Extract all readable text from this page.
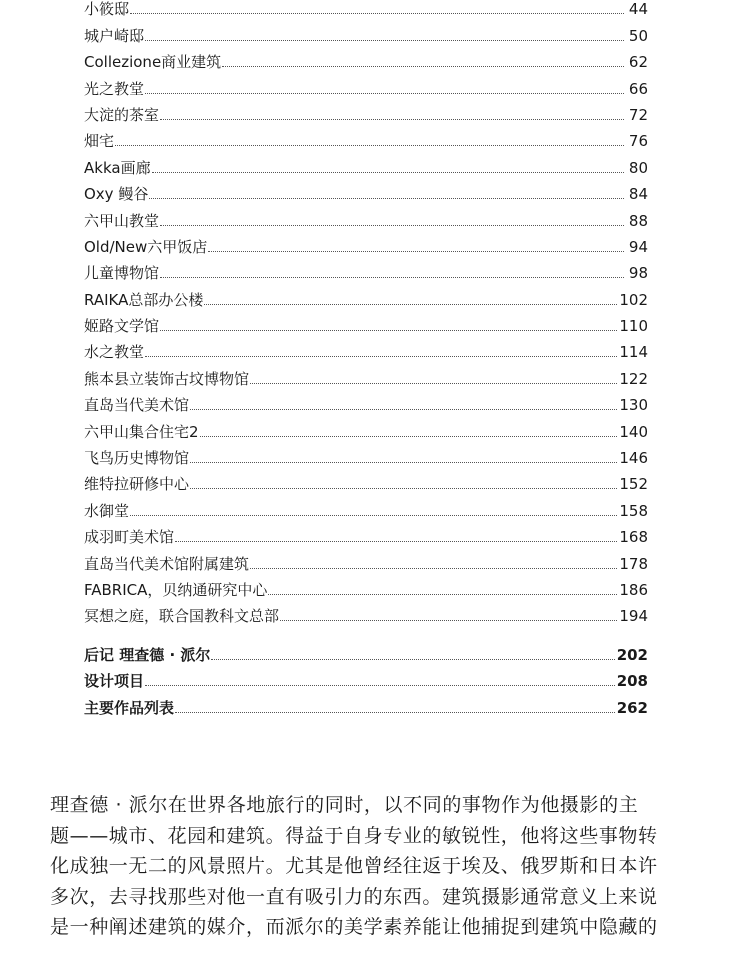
小筱邸	44
城户崎邸	50
Collezione商业建筑	62
光之教堂	66
大淀的茶室	72
畑宅	76
Akka画廊	80
Oxy 鳗谷	84
六甲山教堂	88
Old/New六甲饭店	94
儿童博物馆	98
RAIKA总部办公楼	102
姬路文学馆	110
水之教堂	114
熊本县立装饰古坟博物馆	122
直岛当代美术馆	130
六甲山集合住宅2	140
飞鸟历史博物馆	146
维特拉研修中心	152
水御堂	158
成羽町美术馆	168
直岛当代美术馆附属建筑	178
FABRICA，贝纳通研究中心	186
冥想之庭，联合国教科文总部	194
后记 理查德 · 派尔	202
设计项目	208
主要作品列表	262
理查德 · 派尔在世界各地旅行的同时，以不同的事物作为他摄影的主
题——城市、花园和建筑。得益于自身专业的敏锐性，他将这些事物转
化成独一无二的风景照片。尤其是他曾经往返于埃及、俄罗斯和日本许
多次，去寻找那些对他一直有吸引力的东西。建筑摄影通常意义上来说
是一种阐述建筑的媒介，而派尔的美学素养能让他捕捉到建筑中隐藏的
